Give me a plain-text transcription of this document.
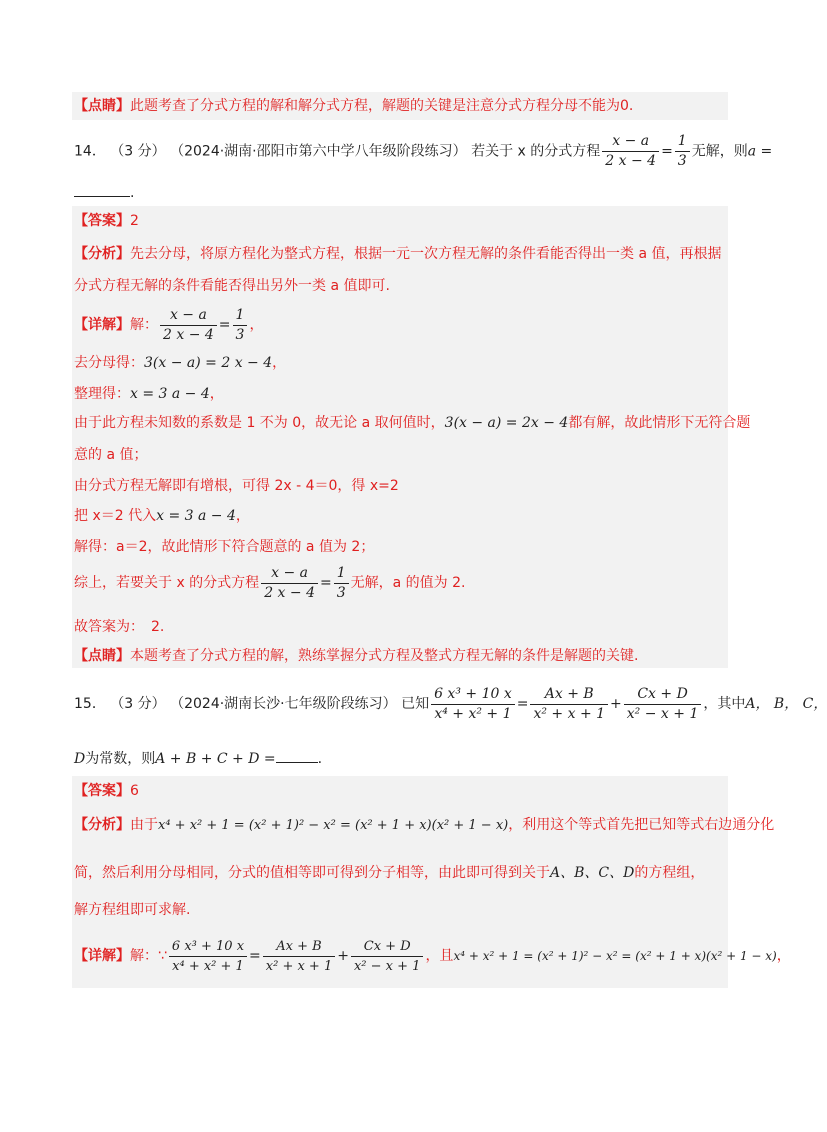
【点睛】此题考查了分式方程的解和解分式方程，解题的关键是注意分式方程分母不能为0.
14． （3 分） （2024·湖南·邵阳市第六中学八年级阶段练习） 若关于 x 的分式方程 $\frac{x - a}{2 x - 4} = \frac{1}{3}$ 无解，则a =
.
【答案】2
【分析】先去分母，将原方程化为整式方程，根据一元一次方程无解的条件看能否得出一类 a 值，再根据
分式方程无解的条件看能否得出另外一类 a 值即可.
【详解】解： $\frac{x - a}{2 x - 4} = \frac{1}{3}$ ，
去分母得：3(x − a) = 2 x − 4，
整理得：x = 3 a − 4，
由于此方程未知数的系数是 1 不为 0，故无论 a 取何值时，3(x − a) = 2x − 4都有解，故此情形下无符合题
意的 a 值；
由分式方程无解即有增根，可得 2x - 4＝0，得 x=2
把 x＝2 代入x = 3 a − 4，
解得：a＝2，故此情形下符合题意的 a 值为 2；
综上，若要关于 x 的分式方程 $\frac{x - a}{2 x - 4} = \frac{1}{3}$ 无解，a 的值为 2.
故答案为：　2.
【点睛】本题考查了分式方程的解，熟练掌握分式方程及整式方程无解的条件是解题的关键.
15． （3 分） （2024·湖南长沙·七年级阶段练习） 已知 $\frac{\text{6 x³ + 10 x}}{\text{x⁴ + x² + 1}} = \frac{Ax + B}{\text{x² + x + 1}} + \frac{Cx + D}{\text{x² − x + 1}}$ ，其中A， B， C，
D为常数，则A + B + C + D =	.
【答案】6
【分析】由于x⁴ + x² + 1 = (x² + 1)² − x² = (x² + 1 + x)(x² + 1 − x)，利用这个等式首先把已知等式右边通分化
简，然后利用分母相同，分式的值相等即可得到分子相等，由此即可得到关于A、B、C、D的方程组，
解方程组即可求解.
【详解】解：∵ $\frac{\text{6 x³ + 10 x}}{\text{x⁴ + x² + 1}} = \frac{Ax + B}{\text{x² + x + 1}} + \frac{Cx + D}{\text{x² − x + 1}}$ ，且x⁴ + x² + 1 = (x² + 1)² − x² = (x² + 1 + x)(x² + 1 − x)，
